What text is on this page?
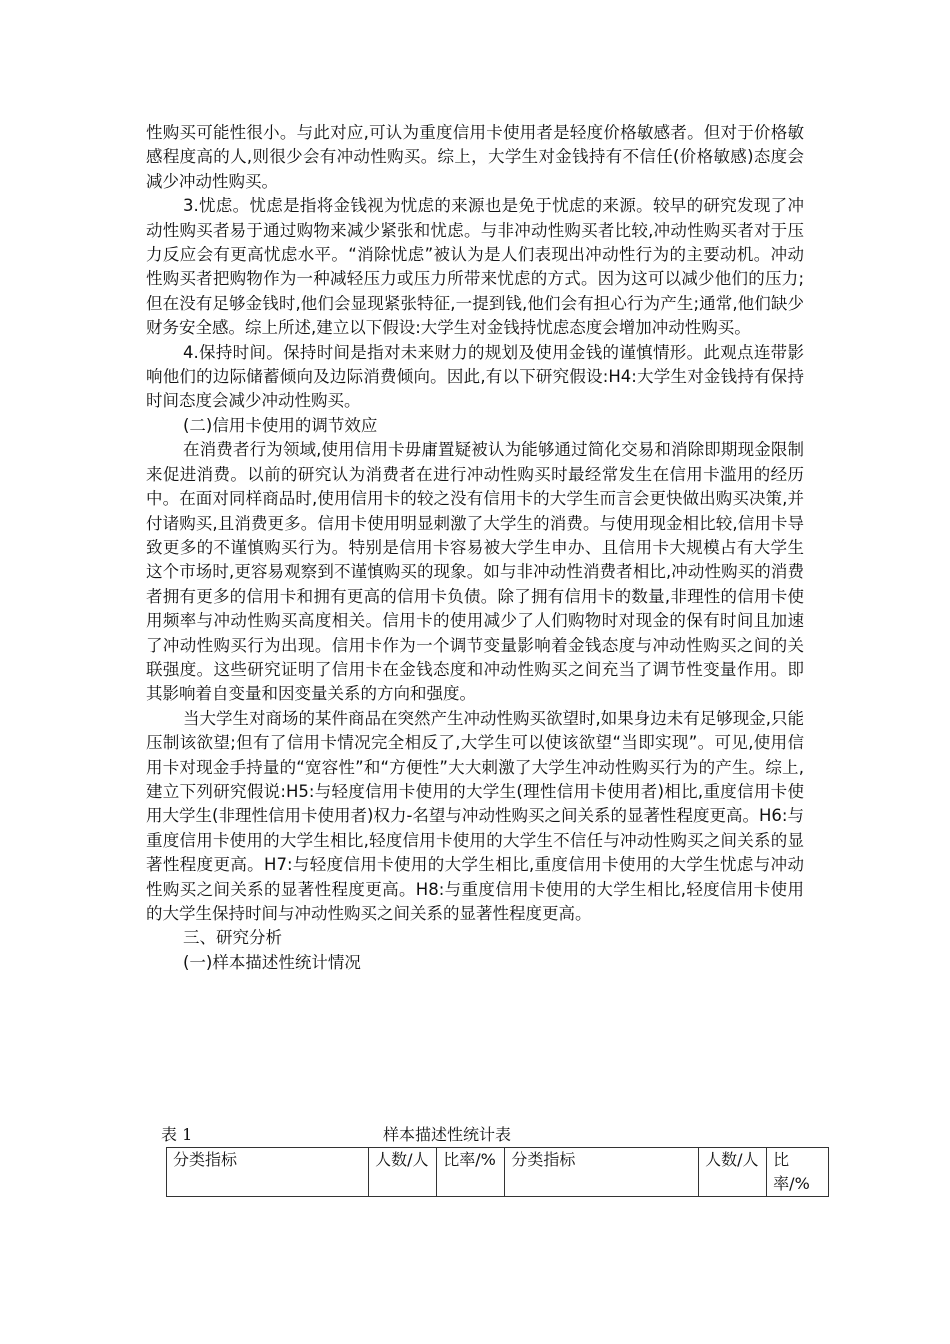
性购买可能性很小。与此对应,可认为重度信用卡使用者是轻度价格敏感者。但对于价格敏感程度高的人,则很少会有冲动性购买。综上，大学生对金钱持有不信任(价格敏感)态度会减少冲动性购买。

3.忧虑。忧虑是指将金钱视为忧虑的来源也是免于忧虑的来源。较早的研究发现了冲动性购买者易于通过购物来减少紧张和忧虑。与非冲动性购买者比较,冲动性购买者对于压力反应会有更高忧虑水平。“消除忧虑”被认为是人们表现出冲动性行为的主要动机。冲动性购买者把购物作为一种减轻压力或压力所带来忧虑的方式。因为这可以减少他们的压力;但在没有足够金钱时,他们会显现紧张特征,一提到钱,他们会有担心行为产生;通常,他们缺少财务安全感。综上所述,建立以下假设:大学生对金钱持忧虑态度会增加冲动性购买。

4.保持时间。保持时间是指对未来财力的规划及使用金钱的谨慎情形。此观点连带影响他们的边际储蓄倾向及边际消费倾向。因此,有以下研究假设:H4:大学生对金钱持有保持时间态度会减少冲动性购买。

(二)信用卡使用的调节效应

在消费者行为领域,使用信用卡毋庸置疑被认为能够通过简化交易和消除即期现金限制来促进消费。以前的研究认为消费者在进行冲动性购买时最经常发生在信用卡滥用的经历中。在面对同样商品时,使用信用卡的较之没有信用卡的大学生而言会更快做出购买决策,并付诸购买,且消费更多。信用卡使用明显刺激了大学生的消费。与使用现金相比较,信用卡导致更多的不谨慎购买行为。特别是信用卡容易被大学生申办、且信用卡大规模占有大学生这个市场时,更容易观察到不谨慎购买的现象。如与非冲动性消费者相比,冲动性购买的消费者拥有更多的信用卡和拥有更高的信用卡负债。除了拥有信用卡的数量,非理性的信用卡使用频率与冲动性购买高度相关。信用卡的使用减少了人们购物时对现金的保有时间且加速了冲动性购买行为出现。信用卡作为一个调节变量影响着金钱态度与冲动性购买之间的关联强度。这些研究证明了信用卡在金钱态度和冲动性购买之间充当了调节性变量作用。即其影响着自变量和因变量关系的方向和强度。

当大学生对商场的某件商品在突然产生冲动性购买欲望时,如果身边未有足够现金,只能压制该欲望;但有了信用卡情况完全相反了,大学生可以使该欲望“当即实现”。可见,使用信用卡对现金手持量的“宽容性”和“方便性”大大刺激了大学生冲动性购买行为的产生。综上,建立下列研究假说:H5:与轻度信用卡使用的大学生(理性信用卡使用者)相比,重度信用卡使用大学生(非理性信用卡使用者)权力-名望与冲动性购买之间关系的显著性程度更高。H6:与重度信用卡使用的大学生相比,轻度信用卡使用的大学生不信任与冲动性购买之间关系的显著性程度更高。H7:与轻度信用卡使用的大学生相比,重度信用卡使用的大学生忧虑与冲动性购买之间关系的显著性程度更高。H8:与重度信用卡使用的大学生相比,轻度信用卡使用的大学生保持时间与冲动性购买之间关系的显著性程度更高。

三、研究分析

(一)样本描述性统计情况

表 1	样本描述性统计表
分类指标	人数/人	比率/%	分类指标	人数/人	比率/%
